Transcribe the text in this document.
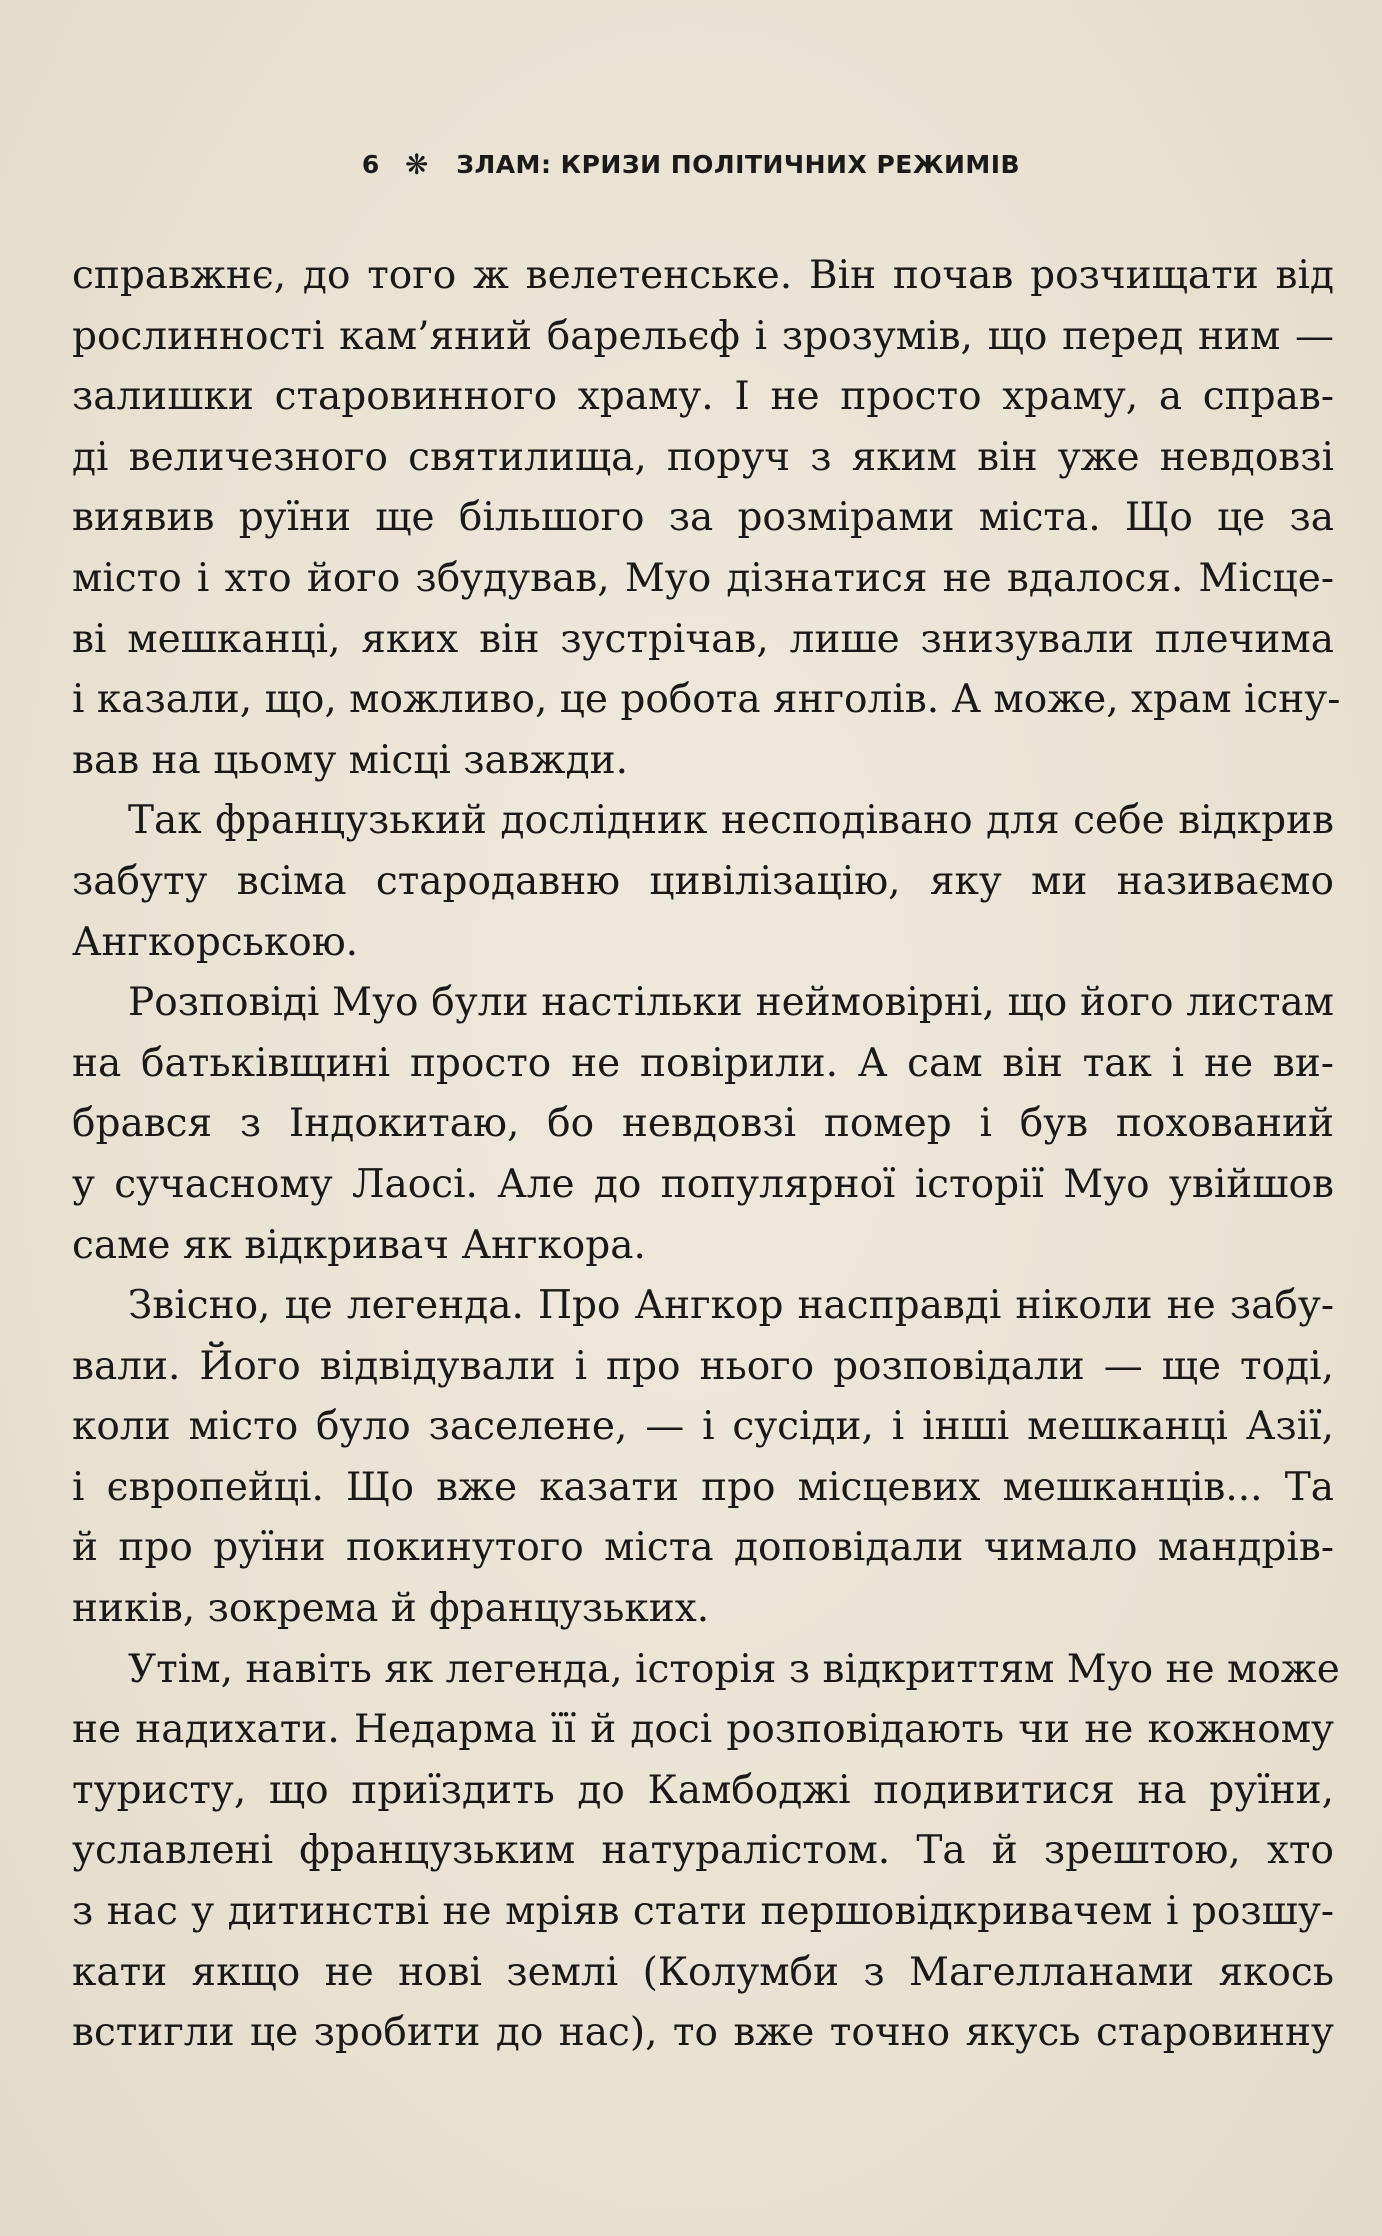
6 ❋ ЗЛАМ: КРИЗИ ПОЛІТИЧНИХ РЕЖИМІВ
справжнє, до того ж велетенське. Він почав розчищати від
рослинності кам’яний барельєф і зрозумів, що перед ним —
залишки старовинного храму. І не просто храму, а справ-
ді величезного святилища, поруч з яким він уже невдовзі
виявив руїни ще більшого за розмірами міста. Що це за
місто і хто його збудував, Муо дізнатися не вдалося. Місце-
ві мешканці, яких він зустрічав, лише знизували плечима
і казали, що, можливо, це робота янголів. А може, храм існу-
вав на цьому місці завжди.
Так французький дослідник несподівано для себе відкрив
забуту всіма стародавню цивілізацію, яку ми називаємо
Ангкорською.
Розповіді Муо були настільки неймовірні, що його листам
на батьківщині просто не повірили. А сам він так і не ви-
брався з Індокитаю, бо невдовзі помер і був похований
у сучасному Лаосі. Але до популярної історії Муо увійшов
саме як відкривач Ангкора.
Звісно, це легенда. Про Ангкор насправді ніколи не забу-
вали. Його відвідували і про нього розповідали — ще тоді,
коли місто було заселене, — і сусіди, і інші мешканці Азії,
і європейці. Що вже казати про місцевих мешканців... Та
й про руїни покинутого міста доповідали чимало мандрів-
ників, зокрема й французьких.
Утім, навіть як легенда, історія з відкриттям Муо не може
не надихати. Недарма її й досі розповідають чи не кожному
туристу, що приїздить до Камбоджі подивитися на руїни,
уславлені французьким натуралістом. Та й зрештою, хто
з нас у дитинстві не мріяв стати першовідкривачем і розшу-
кати якщо не нові землі (Колумби з Магелланами якось
встигли це зробити до нас), то вже точно якусь старовинну
